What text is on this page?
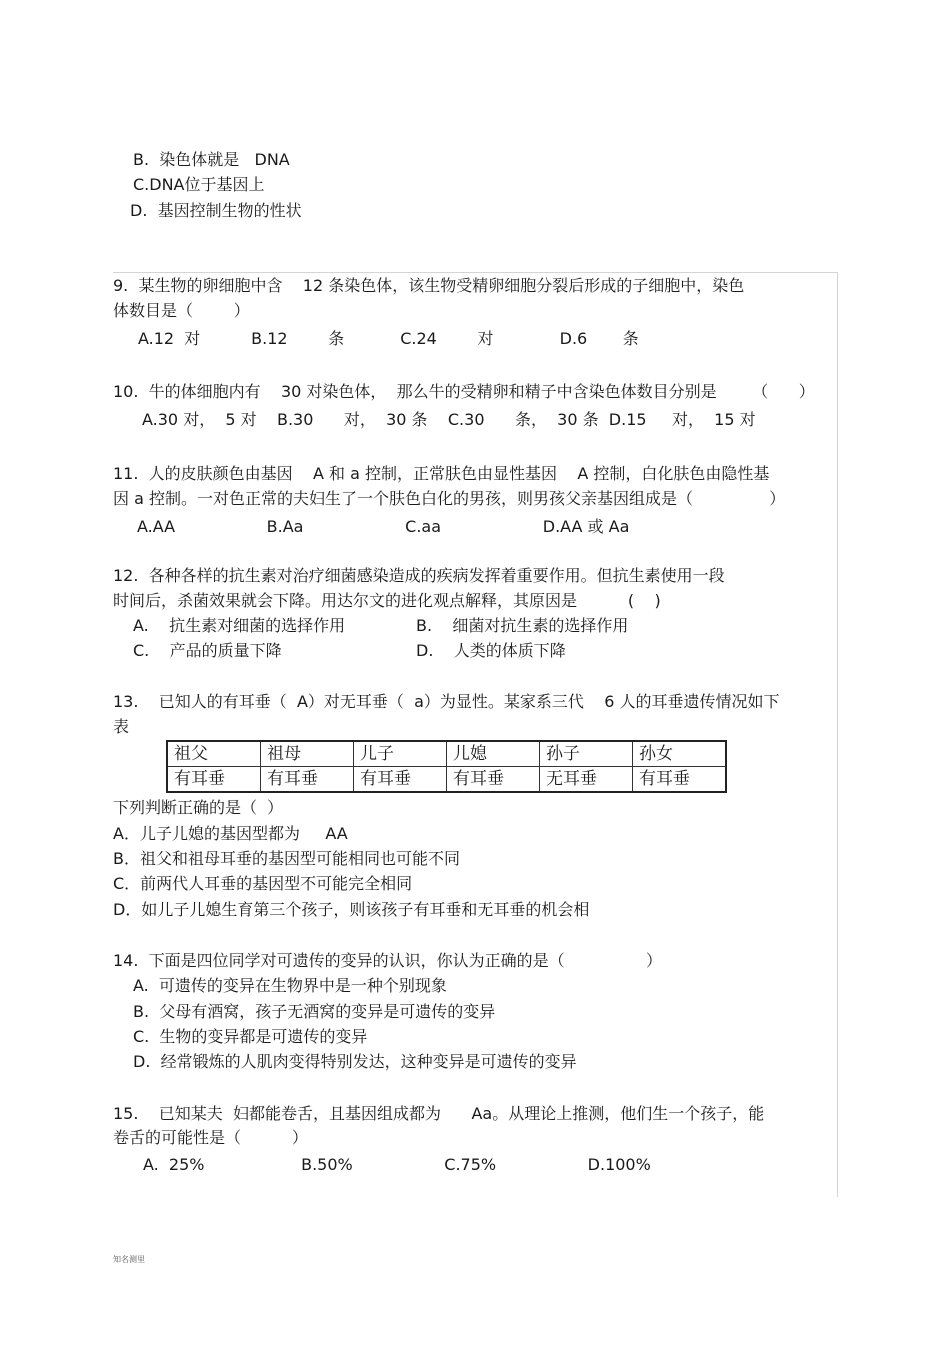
B.  染色体就是   DNA
C.DNA位于基因上
D.  基因控制生物的性状
9.  某生物的卵细胞中含    12 条染色体，该生物受精卵细胞分裂后形成的子细胞中，染色
体数目是（        ）
A.12  对          B.12        条           C.24        对             D.6       条
10.  牛的体细胞内有    30 对染色体，  那么牛的受精卵和精子中含染色体数目分别是       （      ）
A.30 对，  5 对    B.30      对，  30 条    C.30      条，  30 条  D.15     对，  15 对
11.  人的皮肤颜色由基因    A 和 a 控制，正常肤色由显性基因    A 控制，白化肤色由隐性基
因 a 控制。一对色正常的夫妇生了一个肤色白化的男孩，则男孩父亲基因组成是（               ）
A.AA                  B.Aa                    C.aa                    D.AA 或 Aa
12.  各种各样的抗生素对治疗细菌感染造成的疾病发挥着重要作用。但抗生素使用一段
时间后，杀菌效果就会下降。用达尔文的进化观点解释，其原因是          (    )
A.    抗生素对细菌的选择作用	B.    细菌对抗生素的选择作用
C.    产品的质量下降	D.    人类的体质下降
13.    已知人的有耳垂（  A）对无耳垂（  a）为显性。某家系三代    6 人的耳垂遗传情况如下
表
祖父	祖母	儿子	儿媳	孙子	孙女
有耳垂	有耳垂	有耳垂	有耳垂	无耳垂	有耳垂
下列判断正确的是（  ）
A．儿子儿媳的基因型都为     AA
B．祖父和祖母耳垂的基因型可能相同也可能不同
C．前两代人耳垂的基因型不可能完全相同
D．如儿子儿媳生育第三个孩子，则该孩子有耳垂和无耳垂的机会相
14.  下面是四位同学对可遗传的变异的认识，你认为正确的是（                ）
A.  可遗传的变异在生物界中是一种个别现象
B.  父母有酒窝，孩子无酒窝的变异是可遗传的变异
C.  生物的变异都是可遗传的变异
D.  经常锻炼的人肌肉变得特别发达，这种变异是可遗传的变异
15.    已知某夫  妇都能卷舌，且基因组成都为      Aa。从理论上推测，他们生一个孩子，能
卷舌的可能性是（          ）
A.  25%                   B.50%                  C.75%                  D.100%
知名测里
